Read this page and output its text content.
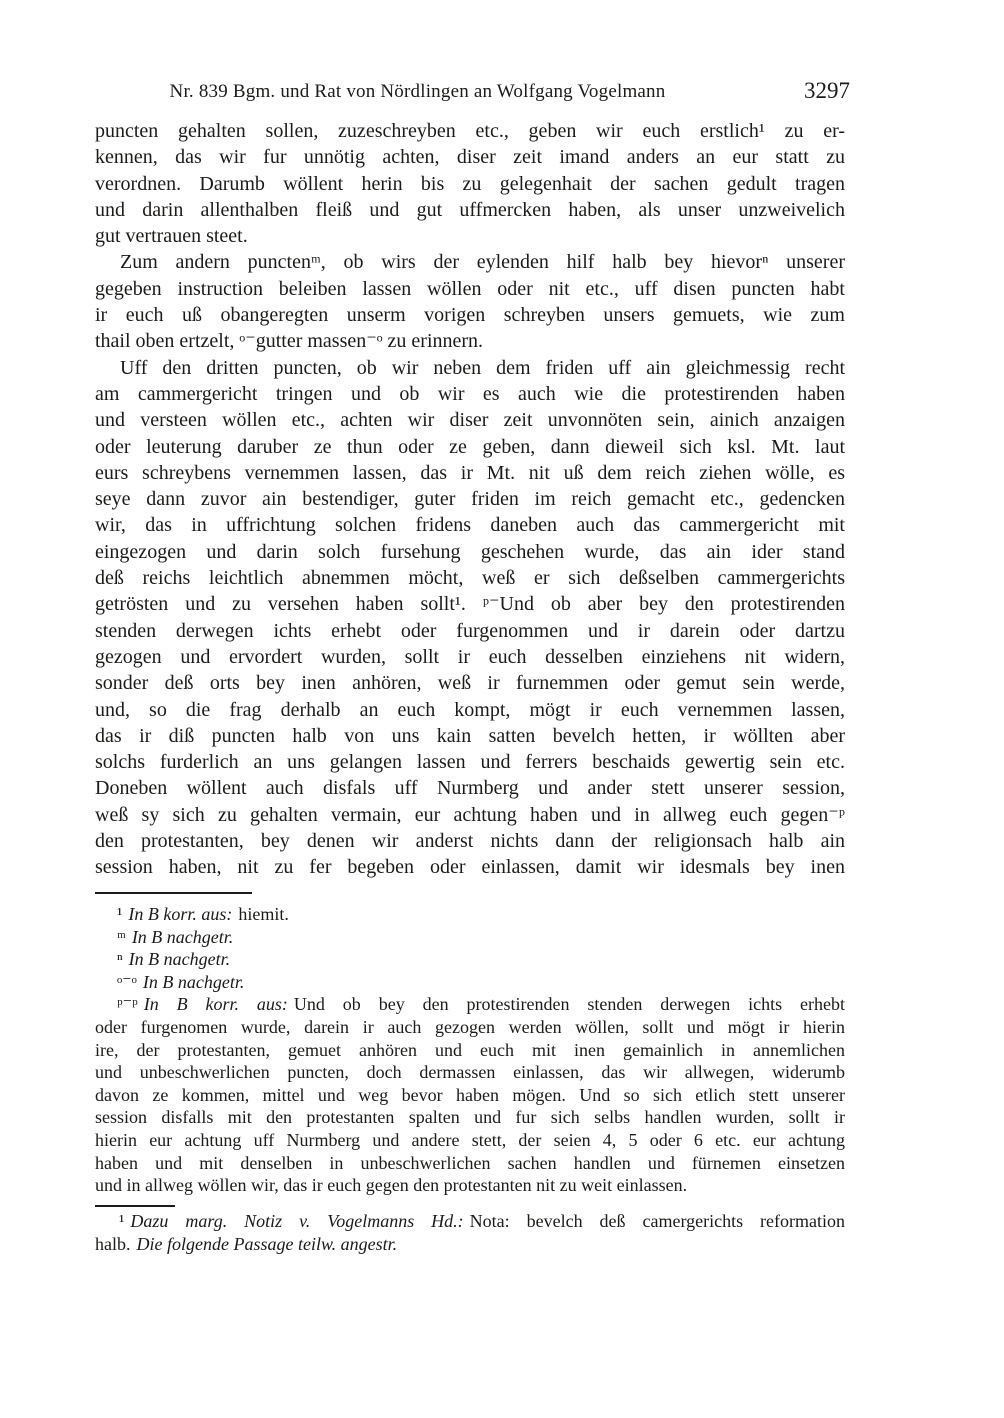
Nr. 839 Bgm. und Rat von Nördlingen an Wolfgang Vogelmann	3297
puncten gehalten sollen, zuzeschreyben etc., geben wir euch erstlich¹ zu er-
kennen, das wir fur unnötig achten, diser zeit imand anders an eur statt zu
verordnen. Darumb wöllent herin bis zu gelegenhait der sachen gedult tragen
und darin allenthalben fleiß und gut uffmercken haben, als unser unzweivelich
gut vertrauen steet.
Zum andern punctenᵐ, ob wirs der eylenden hilf halb bey hievorⁿ unserer
gegeben instruction beleiben lassen wöllen oder nit etc., uff disen puncten habt
ir euch uß obangeregten unserm vorigen schreyben unsers gemuets, wie zum
thail oben ertzelt, ᵒ⁻gutter massen⁻ᵒ zu erinnern.
Uff den dritten puncten, ob wir neben dem friden uff ain gleichmessig recht
am cammergericht tringen und ob wir es auch wie die protestirenden haben
und versteen wöllen etc., achten wir diser zeit unvonnöten sein, ainich anzaigen
oder leuterung daruber ze thun oder ze geben, dann dieweil sich ksl. Mt. laut
eurs schreybens vernemmen lassen, das ir Mt. nit uß dem reich ziehen wölle, es
seye dann zuvor ain bestendiger, guter friden im reich gemacht etc., gedencken
wir, das in uffrichtung solchen fridens daneben auch das cammergericht mit
eingezogen und darin solch fursehung geschehen wurde, das ain ider stand
deß reichs leichtlich abnemmen möcht, weß er sich deßselben cammergerichts
getrösten und zu versehen haben sollt¹. ᵖ⁻Und ob aber bey den protestirenden
stenden derwegen ichts erhebt oder furgenommen und ir darein oder dartzu
gezogen und ervordert wurden, sollt ir euch desselben einziehens nit widern,
sonder deß orts bey inen anhören, weß ir furnemmen oder gemut sein werde,
und, so die frag derhalb an euch kompt, mögt ir euch vernemmen lassen,
das ir diß puncten halb von uns kain satten bevelch hetten, ir wöllten aber
solchs furderlich an uns gelangen lassen und ferrers beschaids gewertig sein etc.
Doneben wöllent auch disfals uff Nurmberg und ander stett unserer session,
weß sy sich zu gehalten vermain, eur achtung haben und in allweg euch gegen⁻ᵖ
den protestanten, bey denen wir anderst nichts dann der religionsach halb ain
session haben, nit zu fer begeben oder einlassen, damit wir idesmals bey inen
¹ In B korr. aus: hiemit.
ᵐ In B nachgetr.
ⁿ In B nachgetr.
ᵒ⁻ᵒ In B nachgetr.
ᵖ⁻ᵖ In B korr. aus: Und ob bey den protestirenden stenden derwegen ichts erhebt
oder furgenomen wurde, darein ir auch gezogen werden wöllen, sollt und mögt ir hierin
ire, der protestanten, gemuet anhören und euch mit inen gemainlich in annemlichen
und unbeschwerlichen puncten, doch dermassen einlassen, das wir allwegen, widerumb
davon ze kommen, mittel und weg bevor haben mögen. Und so sich etlich stett unserer
session disfalls mit den protestanten spalten und fur sich selbs handlen wurden, sollt ir
hierin eur achtung uff Nurmberg und andere stett, der seien 4, 5 oder 6 etc. eur achtung
haben und mit denselben in unbeschwerlichen sachen handlen und fürnemen einsetzen
und in allweg wöllen wir, das ir euch gegen den protestanten nit zu weit einlassen.
¹ Dazu marg. Notiz v. Vogelmanns Hd.: Nota: bevelch deß camergerichts reformation
halb. Die folgende Passage teilw. angestr.
